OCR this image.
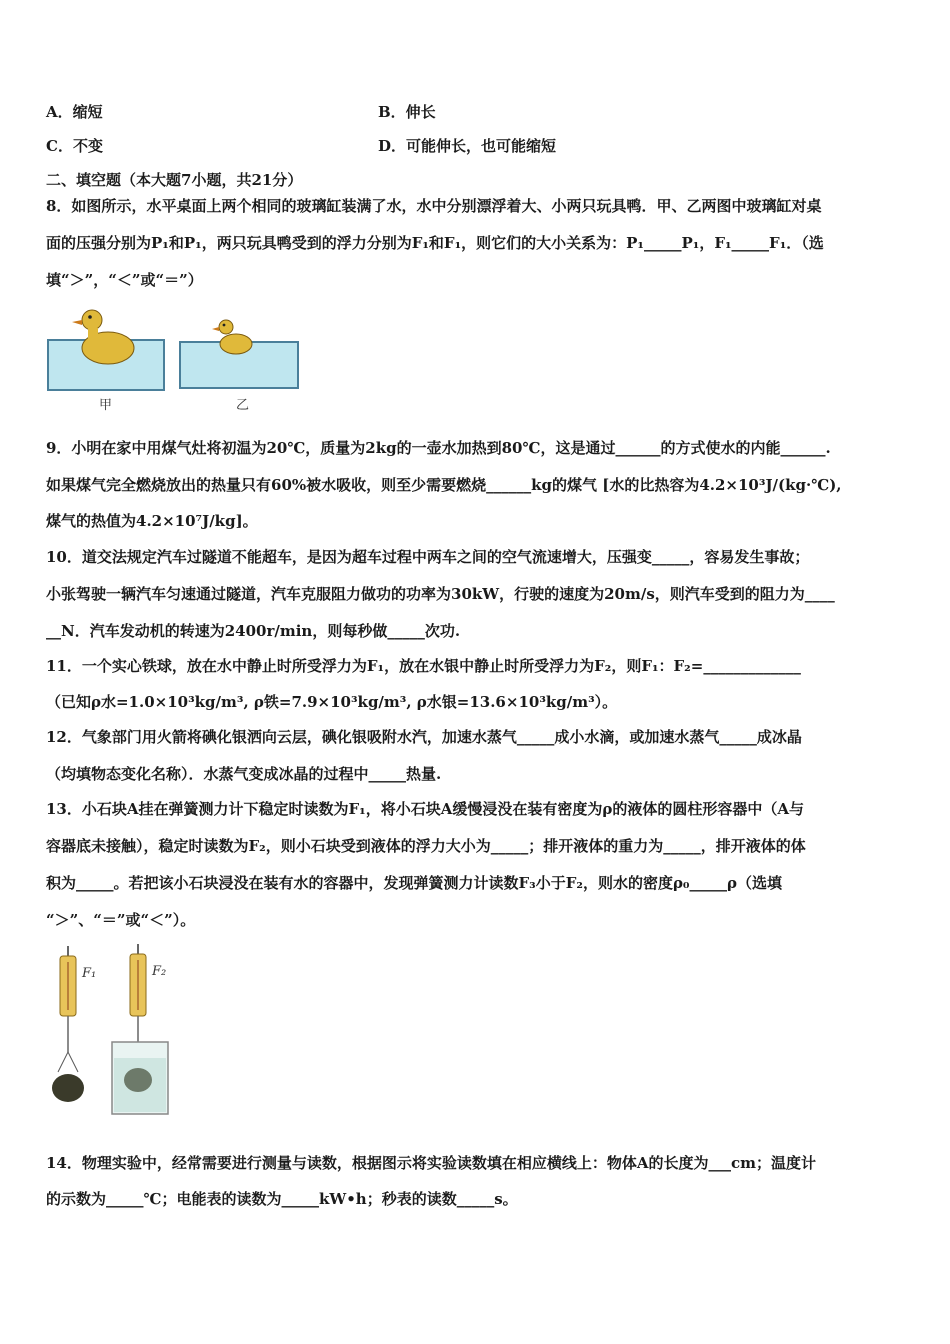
A．缩短	B．伸长
C．不变	D．可能伸长，也可能缩短
二、填空题（本大题7小题，共21分）
8．如图所示，水平桌面上两个相同的玻璃缸装满了水，水中分别漂浮着大、小两只玩具鸭．甲、乙两图中玻璃缸对桌
面的压强分别为P₁和P₁，两只玩具鸭受到的浮力分别为F₁和F₁，则它们的大小关系为：P₁_____P₁，F₁_____F₁．（选
填“＞”，“＜”或“＝”）
甲	乙
9．小明在家中用煤气灶将初温为20℃，质量为2kg的一壶水加热到80℃，这是通过______的方式使水的内能______.
如果煤气完全燃烧放出的热量只有60%被水吸收，则至少需要燃烧______kg的煤气 [水的比热容为4.2×10³J/(kg·℃),
煤气的热值为4.2×10⁷J/kg]。
10．道交法规定汽车过隧道不能超车，是因为超车过程中两车之间的空气流速增大，压强变_____，容易发生事故；
小张驾驶一辆汽车匀速通过隧道，汽车克服阻力做功的功率为30kW，行驶的速度为20m/s，则汽车受到的阻力为____
__N．汽车发动机的转速为2400r/min，则每秒做_____次功.
11．一个实心铁球，放在水中静止时所受浮力为F₁，放在水银中静止时所受浮力为F₂，则F₁：F₂=_____________
（已知ρ水=1.0×10³kg/m³, ρ铁=7.9×10³kg/m³, ρ水银=13.6×10³kg/m³）。
12．气象部门用火箭将碘化银洒向云层，碘化银吸附水汽，加速水蒸气_____成小水滴，或加速水蒸气_____成冰晶
（均填物态变化名称）．水蒸气变成冰晶的过程中_____热量.
13．小石块A挂在弹簧测力计下稳定时读数为F₁，将小石块A缓慢浸没在装有密度为ρ的液体的圆柱形容器中（A与
容器底未接触），稳定时读数为F₂，则小石块受到液体的浮力大小为_____；排开液体的重力为_____，排开液体的体
积为_____。若把该小石块浸没在装有水的容器中，发现弹簧测力计读数F₃小于F₂，则水的密度ρ₀_____ρ（选填
“＞”、“＝”或“＜”）。
F₁	F₂
14．物理实验中，经常需要进行测量与读数，根据图示将实验读数填在相应横线上：物体A的长度为___cm；温度计
的示数为_____℃；电能表的读数为_____kW•h；秒表的读数_____s。
